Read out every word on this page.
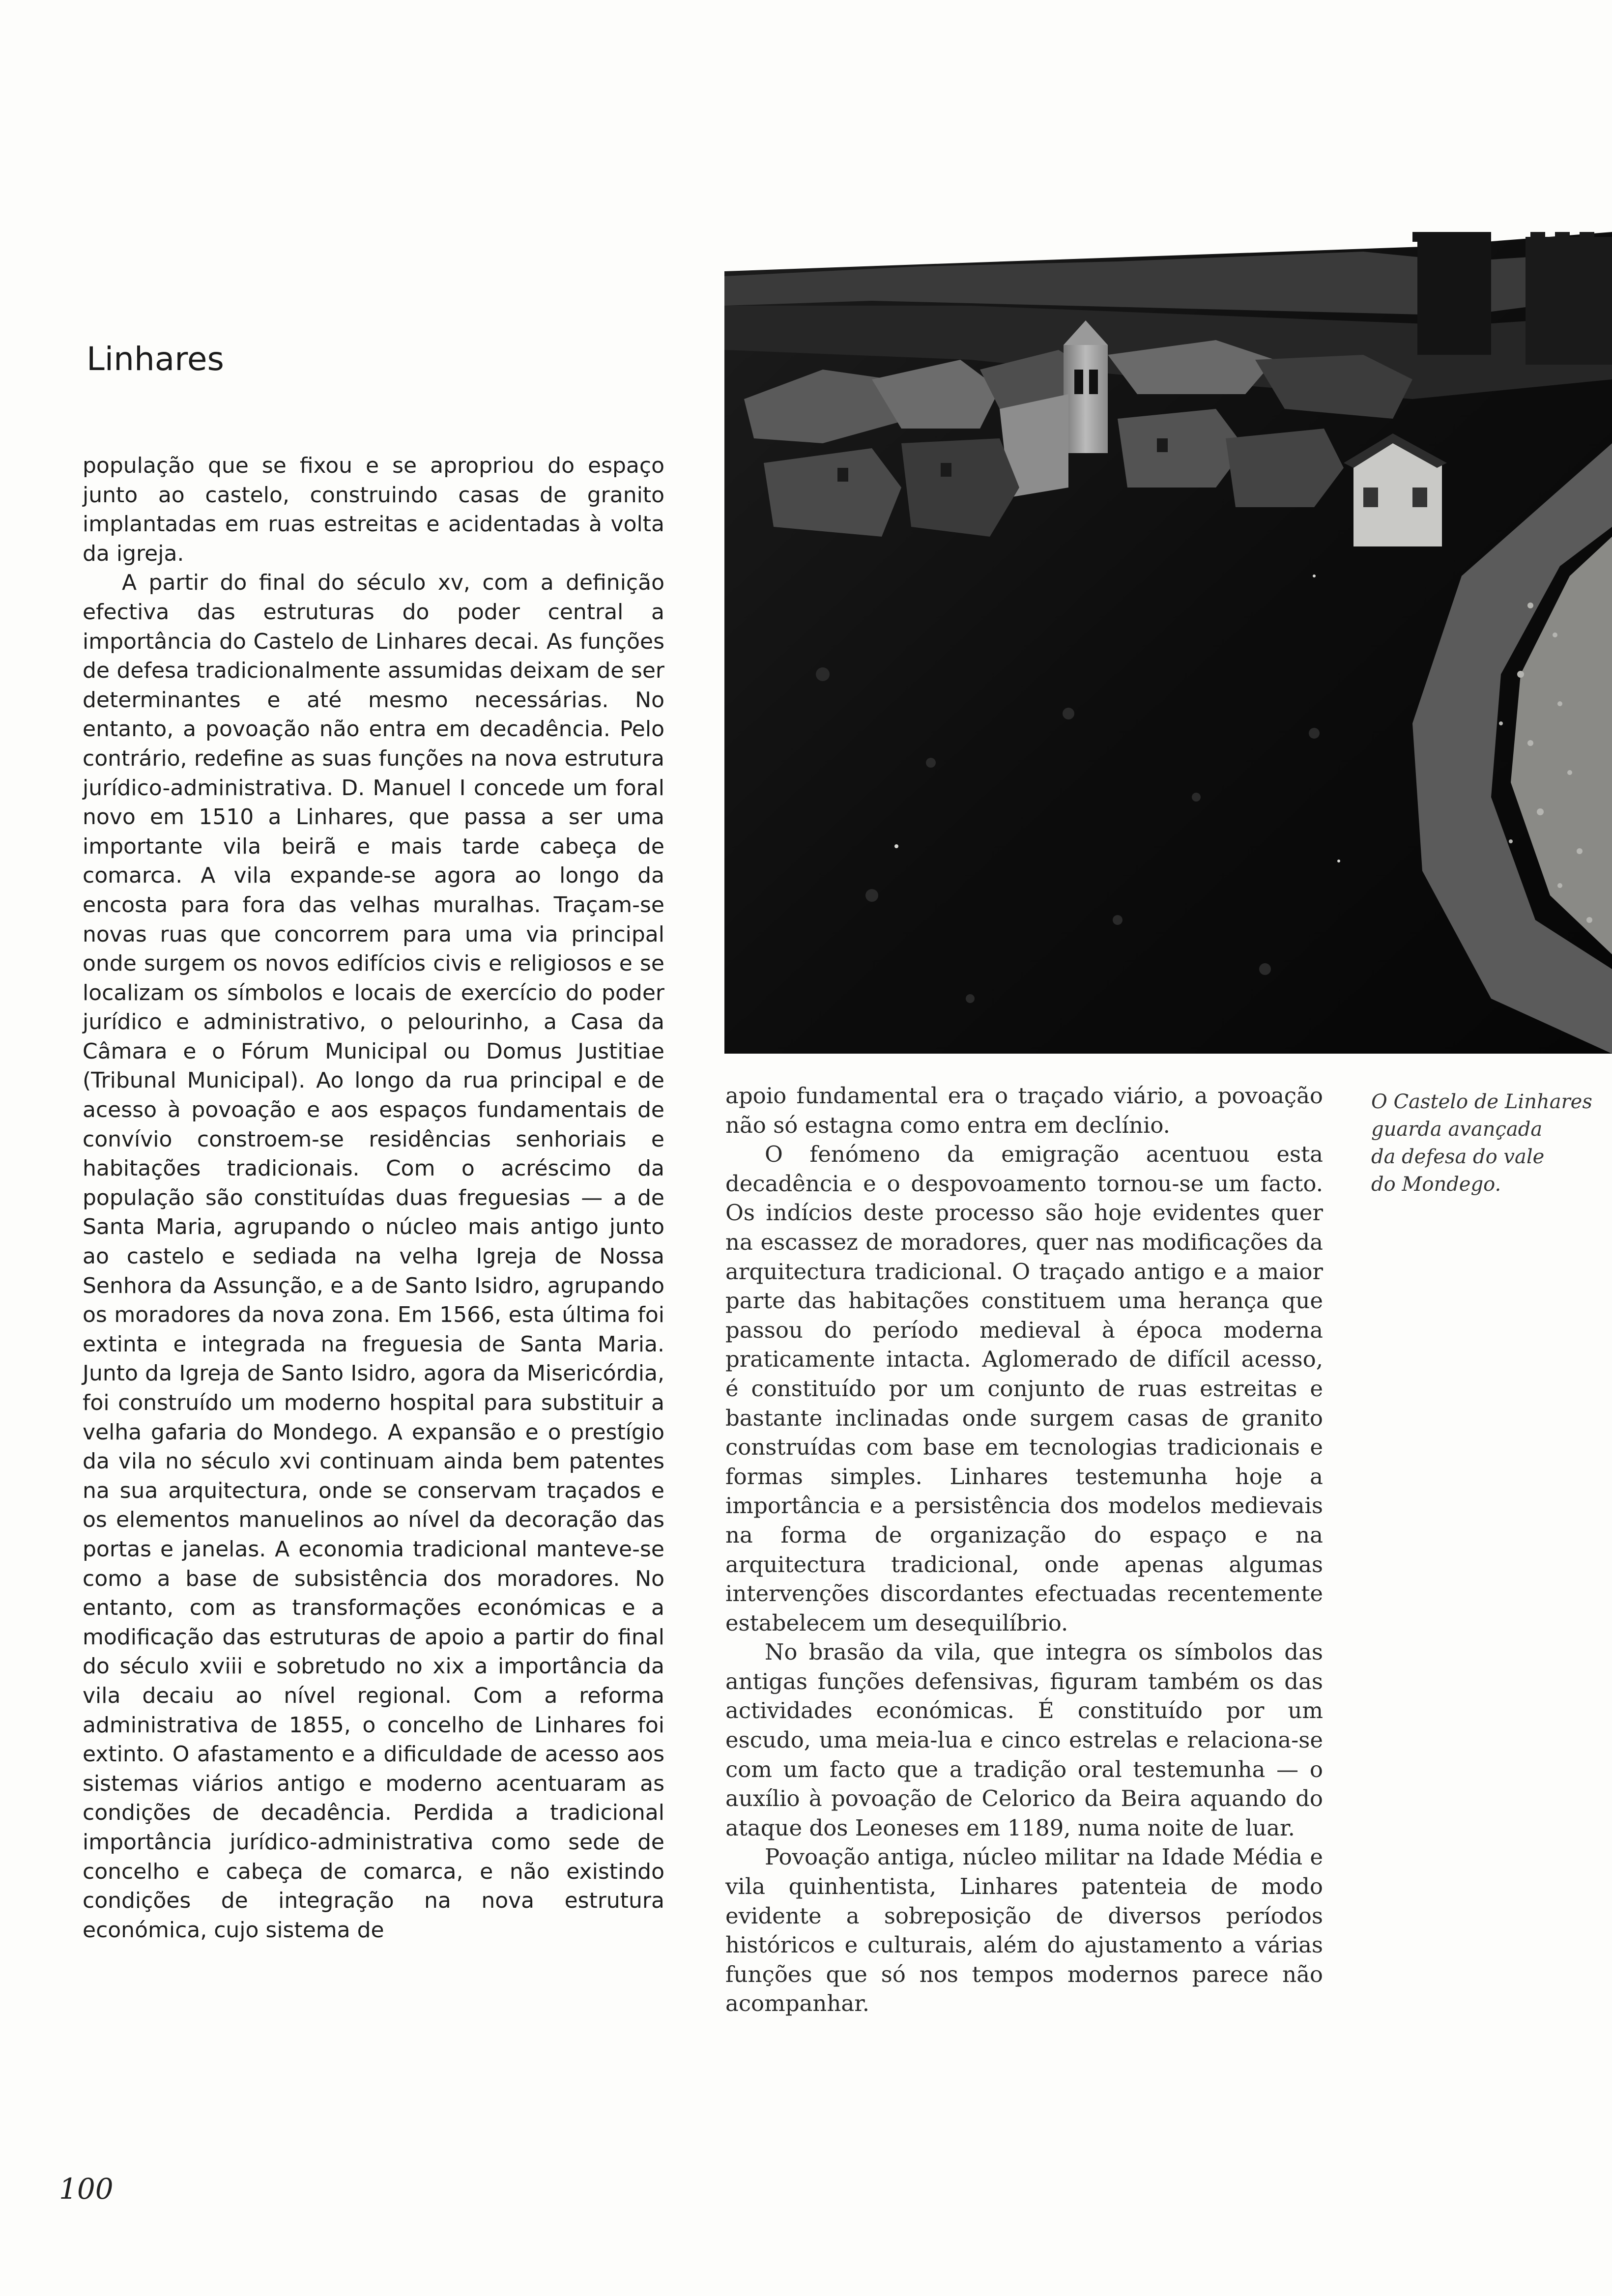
Linhares

população que se fixou e se apropriou do espaço junto ao castelo, construindo casas de granito implantadas em ruas estreitas e acidentadas à volta da igreja.

A partir do final do século xv, com a definição efectiva das estruturas do poder central a importância do Castelo de Linhares decai. As funções de defesa tradicionalmente assumidas deixam de ser determinantes e até mesmo necessárias. No entanto, a povoação não entra em decadência. Pelo contrário, redefine as suas funções na nova estrutura jurídico-administrativa. D. Manuel I concede um foral novo em 1510 a Linhares, que passa a ser uma importante vila beirã e mais tarde cabeça de comarca. A vila expande-se agora ao longo da encosta para fora das velhas muralhas. Traçam-se novas ruas que concorrem para uma via principal onde surgem os novos edifícios civis e religiosos e se localizam os símbolos e locais de exercício do poder jurídico e administrativo, o pelourinho, a Casa da Câmara e o Fórum Municipal ou Domus Justitiae (Tribunal Municipal). Ao longo da rua principal e de acesso à povoação e aos espaços fundamentais de convívio constroem-se residências senhoriais e habitações tradicionais. Com o acréscimo da população são constituídas duas freguesias — a de Santa Maria, agrupando o núcleo mais antigo junto ao castelo e sediada na velha Igreja de Nossa Senhora da Assunção, e a de Santo Isidro, agrupando os moradores da nova zona. Em 1566, esta última foi extinta e integrada na freguesia de Santa Maria. Junto da Igreja de Santo Isidro, agora da Misericórdia, foi construído um moderno hospital para substituir a velha gafaria do Mondego. A expansão e o prestígio da vila no século xvi continuam ainda bem patentes na sua arquitectura, onde se conservam traçados e os elementos manuelinos ao nível da decoração das portas e janelas. A economia tradicional manteve-se como a base de subsistência dos moradores. No entanto, com as transformações económicas e a modificação das estruturas de apoio a partir do final do século xviii e sobretudo no xix a importância da vila decaiu ao nível regional. Com a reforma administrativa de 1855, o concelho de Linhares foi extinto. O afastamento e a dificuldade de acesso aos sistemas viários antigo e moderno acentuaram as condições de decadência. Perdida a tradicional importância jurídico-administrativa como sede de concelho e cabeça de comarca, e não existindo condições de integração na nova estrutura económica, cujo sistema de

O Castelo de Linhares
guarda avançada
da defesa do vale
do Mondego.

apoio fundamental era o traçado viário, a povoação não só estagna como entra em declínio.

O fenómeno da emigração acentuou esta decadência e o despovoamento tornou-se um facto. Os indícios deste processo são hoje evidentes quer na escassez de moradores, quer nas modificações da arquitectura tradicional. O traçado antigo e a maior parte das habitações constituem uma herança que passou do período medieval à época moderna praticamente intacta. Aglomerado de difícil acesso, é constituído por um conjunto de ruas estreitas e bastante inclinadas onde surgem casas de granito construídas com base em tecnologias tradicionais e formas simples. Linhares testemunha hoje a importância e a persistência dos modelos medievais na forma de organização do espaço e na arquitectura tradicional, onde apenas algumas intervenções discordantes efectuadas recentemente estabelecem um desequilíbrio.

No brasão da vila, que integra os símbolos das antigas funções defensivas, figuram também os das actividades económicas. É constituído por um escudo, uma meia-lua e cinco estrelas e relaciona-se com um facto que a tradição oral testemunha — o auxílio à povoação de Celorico da Beira aquando do ataque dos Leoneses em 1189, numa noite de luar.

Povoação antiga, núcleo militar na Idade Média e vila quinhentista, Linhares patenteia de modo evidente a sobreposição de diversos períodos históricos e culturais, além do ajustamento a várias funções que só nos tempos modernos parece não acompanhar.

100
